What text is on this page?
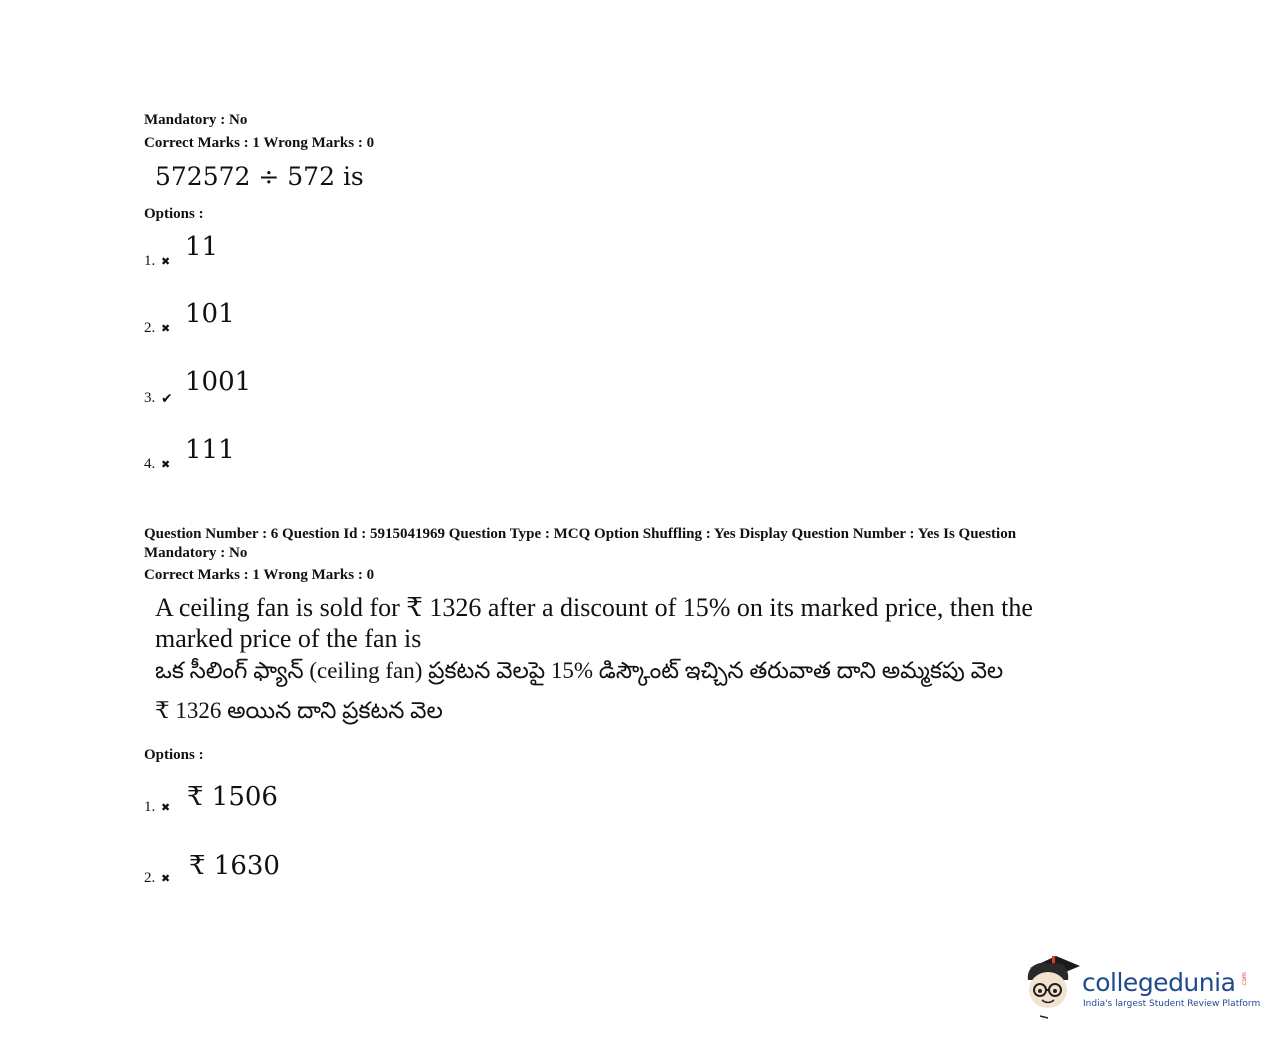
Mandatory : No
Correct Marks : 1 Wrong Marks : 0
572572 ÷ 572 is
Options :
1. ✖ 11
2. ✖ 101
3. ✔
1001
4. ✖ 111
Question Number : 6 Question Id : 5915041969 Question Type : MCQ Option Shuffling : Yes Display Question Number : Yes Is Question
Mandatory : No
Correct Marks : 1 Wrong Marks : 0
A ceiling fan is sold for ₹ 1326 after a discount of 15% on its marked price, then the
marked price of the fan is
ఒక సీలింగ్ ఫ్యాన్ (ceiling fan) ప్రకటన వెలపై 15% డిస్కౌంట్ ఇచ్చిన తరువాత దాని అమ్మకపు వెల
₹ 1326 అయిన దాని ప్రకటన వెల
Options :
1. ✖ ₹ 1506
2. ✖ ₹ 1630
collegedunia .com
India's largest Student Review Platform
